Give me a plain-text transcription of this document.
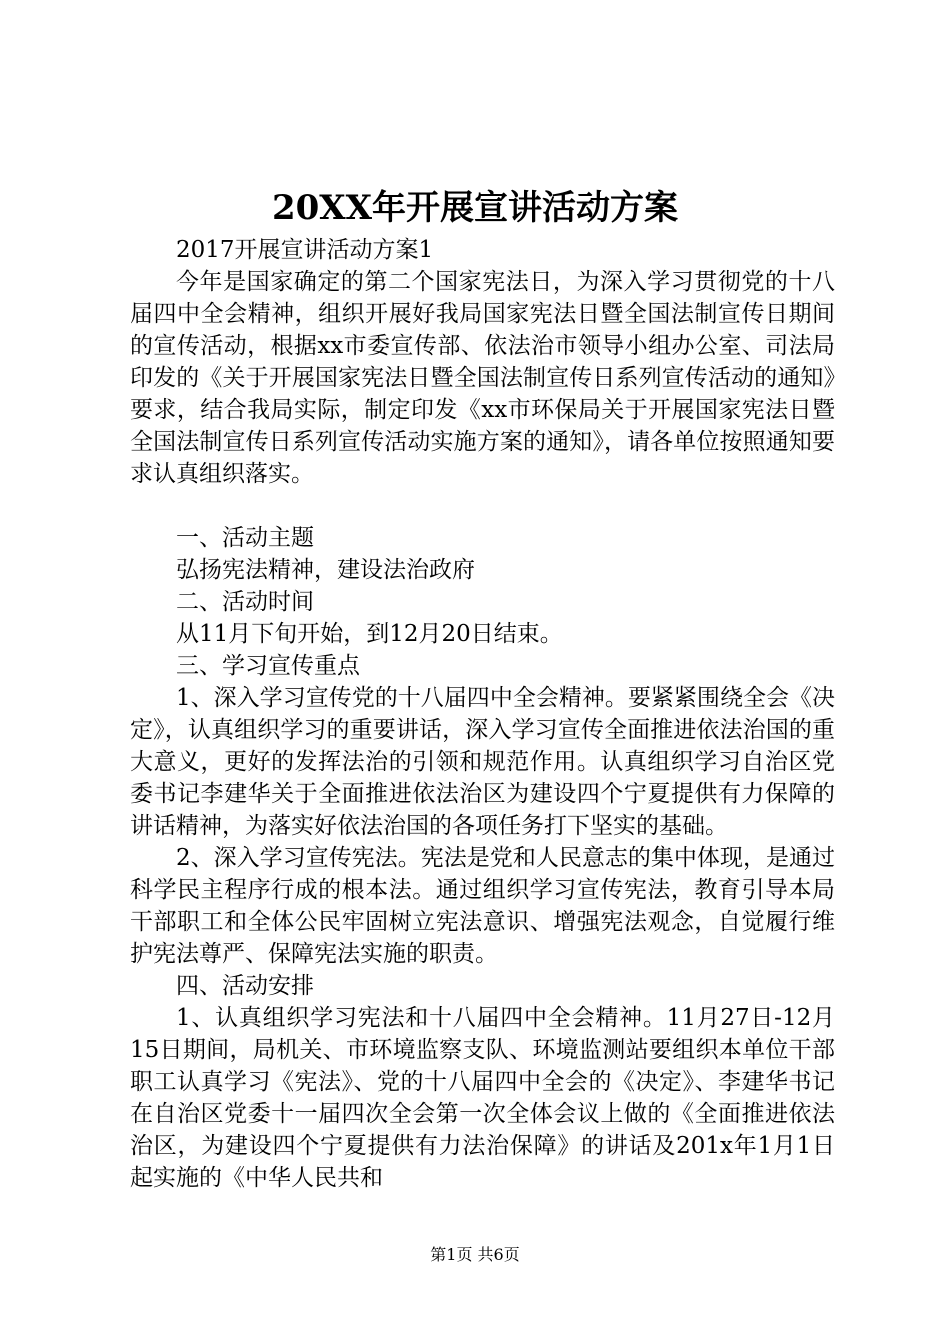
20XX年开展宣讲活动方案

2017开展宣讲活动方案1

今年是国家确定的第二个国家宪法日，为深入学习贯彻党的十八届四中全会精神，组织开展好我局国家宪法日暨全国法制宣传日期间的宣传活动，根据xx市委宣传部、依法治市领导小组办公室、司法局印发的《关于开展国家宪法日暨全国法制宣传日系列宣传活动的通知》要求，结合我局实际，制定印发《xx市环保局关于开展国家宪法日暨全国法制宣传日系列宣传活动实施方案的通知》，请各单位按照通知要求认真组织落实。

一、活动主题

弘扬宪法精神，建设法治政府

二、活动时间

从11月下旬开始，到12月20日结束。

三、学习宣传重点

1、深入学习宣传党的十八届四中全会精神。要紧紧围绕全会《决定》，认真组织学习的重要讲话，深入学习宣传全面推进依法治国的重大意义，更好的发挥法治的引领和规范作用。认真组织学习自治区党委书记李建华关于全面推进依法治区为建设四个宁夏提供有力保障的讲话精神，为落实好依法治国的各项任务打下坚实的基础。

2、深入学习宣传宪法。宪法是党和人民意志的集中体现，是通过科学民主程序行成的根本法。通过组织学习宣传宪法，教育引导本局干部职工和全体公民牢固树立宪法意识、增强宪法观念，自觉履行维护宪法尊严、保障宪法实施的职责。

四、活动安排

1、认真组织学习宪法和十八届四中全会精神。11月27日-12月15日期间，局机关、市环境监察支队、环境监测站要组织本单位干部职工认真学习《宪法》、党的十八届四中全会的《决定》、李建华书记在自治区党委十一届四次全会第一次全体会议上做的《全面推进依法治区，为建设四个宁夏提供有力法治保障》的讲话及201x年1月1日起实施的《中华人民共和

第1页 共6页
